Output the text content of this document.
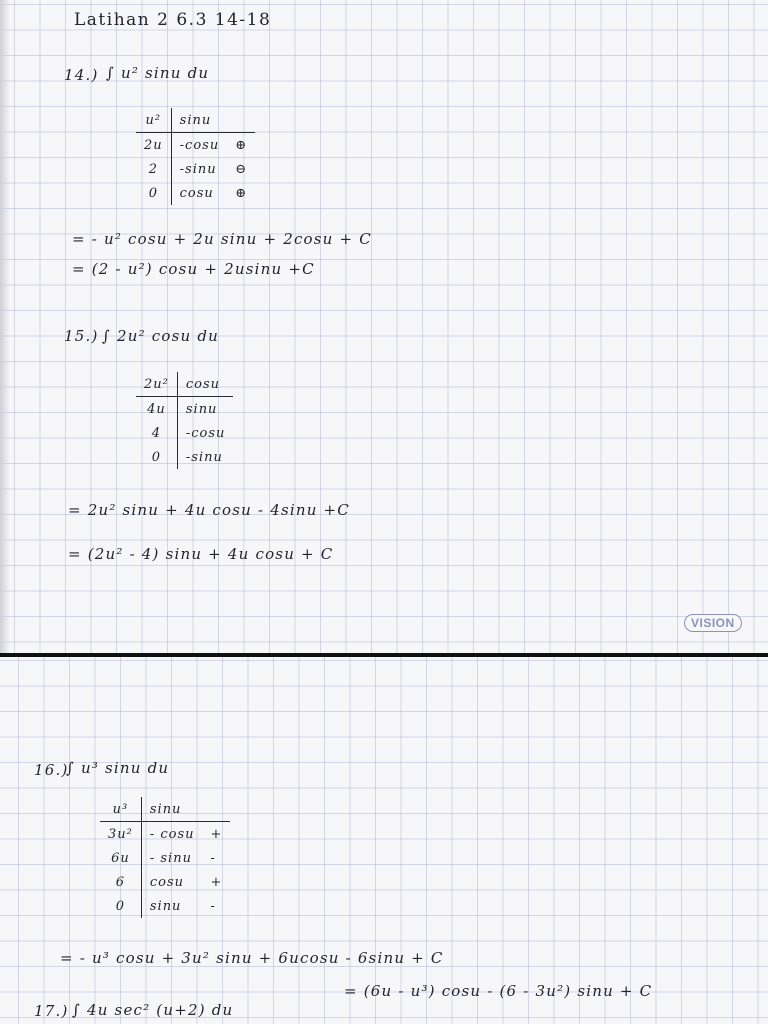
Latihan 2 6.3 14-18
14.) ∫ u² sinu du
u²	sinu	
2u	-cosu	⊕
2	-sinu	⊖
0	cosu	⊕
= - u² cosu + 2u sinu + 2cosu + C
= (2 - u²) cosu + 2usinu +C
15.) ∫ 2u² cosu du
2u²	cosu
4u	sinu
4	-cosu
0	-sinu
= 2u² sinu + 4u cosu - 4sinu +C
= (2u² - 4) sinu + 4u cosu + C
VISION
16.)
∫ u³ sinu du
u³	sinu	
3u²	- cosu	+
6u	- sinu	-
6	cosu	+
0	sinu	-
= - u³ cosu + 3u² sinu + 6ucosu - 6sinu + C
= (6u - u³) cosu - (6 - 3u²) sinu + C
17.) ∫ 4u sec² (u+2) du
